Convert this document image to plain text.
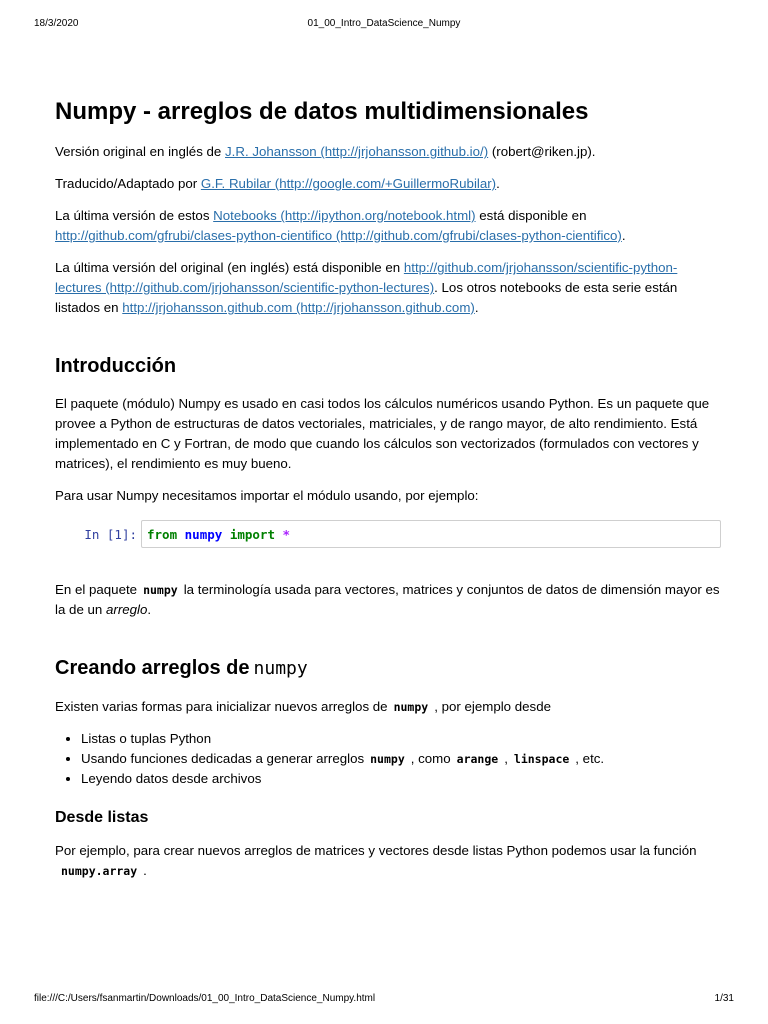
18/3/2020	01_00_Intro_DataScience_Numpy
Numpy - arreglos de datos multidimensionales

Versión original en inglés de J.R. Johansson (http://jrjohansson.github.io/) (robert@riken.jp).

Traducido/Adaptado por G.F. Rubilar (http://google.com/+GuillermoRubilar).

La última versión de estos Notebooks (http://ipython.org/notebook.html) está disponible en http://github.com/gfrubi/clases-python-cientifico (http://github.com/gfrubi/clases-python-cientifico).

La última versión del original (en inglés) está disponible en http://github.com/jrjohansson/scientific-python-lectures (http://github.com/jrjohansson/scientific-python-lectures). Los otros notebooks de esta serie están listados en http://jrjohansson.github.com (http://jrjohansson.github.com).

Introducción

El paquete (módulo) Numpy es usado en casi todos los cálculos numéricos usando Python. Es un paquete que provee a Python de estructuras de datos vectoriales, matriciales, y de rango mayor, de alto rendimiento. Está implementado en C y Fortran, de modo que cuando los cálculos son vectorizados (formulados con vectores y matrices), el rendimiento es muy bueno.

Para usar Numpy necesitamos importar el módulo usando, por ejemplo:

In [1]: from numpy import *

En el paquete numpy la terminología usada para vectores, matrices y conjuntos de datos de dimensión mayor es la de un arreglo.

Creando arreglos de numpy

Existen varias formas para inicializar nuevos arreglos de numpy , por ejemplo desde

• Listas o tuplas Python
• Usando funciones dedicadas a generar arreglos numpy , como arange , linspace , etc.
• Leyendo datos desde archivos
Desde listas

Por ejemplo, para crear nuevos arreglos de matrices y vectores desde listas Python podemos usar la función
numpy.array .

file:///C:/Users/fsanmartin/Downloads/01_00_Intro_DataScience_Numpy.html	1/31
